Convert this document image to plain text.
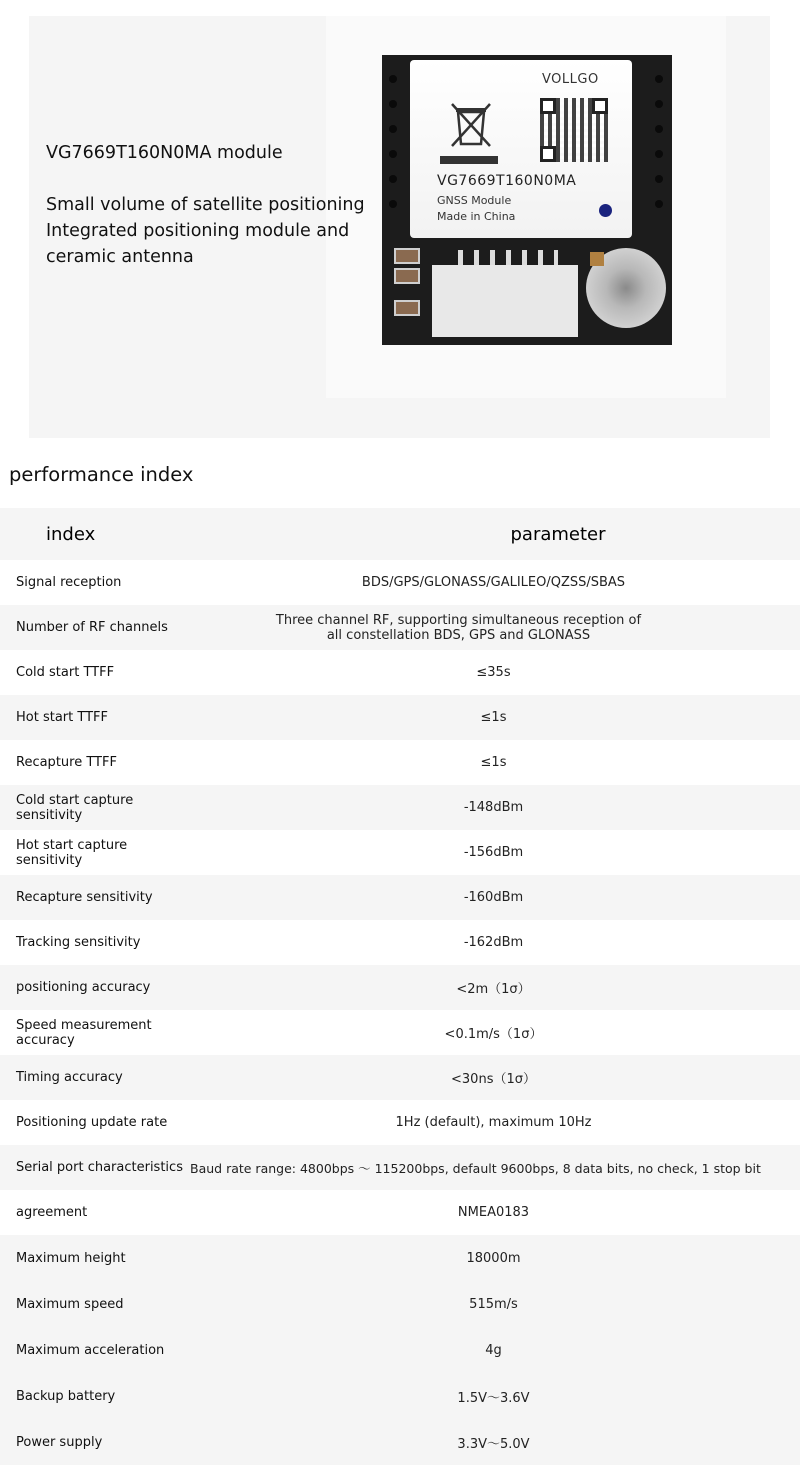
VG7669T160N0MA module

Small volume of satellite positioning Integrated positioning module and ceramic antenna

VOLLGO
VG7669T160N0MA
GNSS Module
Made in China
performance index
index	parameter
Signal reception	BDS/GPS/GLONASS/GALILEO/QZSS/SBAS
Number of RF channels	Three channel RF, supporting simultaneous reception of all constellation BDS, GPS and GLONASS
Cold start TTFF	≤35s
Hot start TTFF	≤1s
Recapture TTFF	≤1s
Cold start capture sensitivity	-148dBm
Hot start capture sensitivity	-156dBm
Recapture sensitivity	-160dBm
Tracking sensitivity	-162dBm
positioning accuracy	<2m（1σ）
Speed measurement accuracy	<0.1m/s（1σ）
Timing accuracy	<30ns（1σ）
Positioning update rate	1Hz (default), maximum 10Hz
Serial port characteristics	Baud rate range: 4800bps ～ 115200bps, default 9600bps, 8 data bits, no check, 1 stop bit
agreement	NMEA0183
Maximum height	18000m
Maximum speed	515m/s
Maximum acceleration	4g
Backup battery	1.5V～3.6V
Power supply	3.3V～5.0V
